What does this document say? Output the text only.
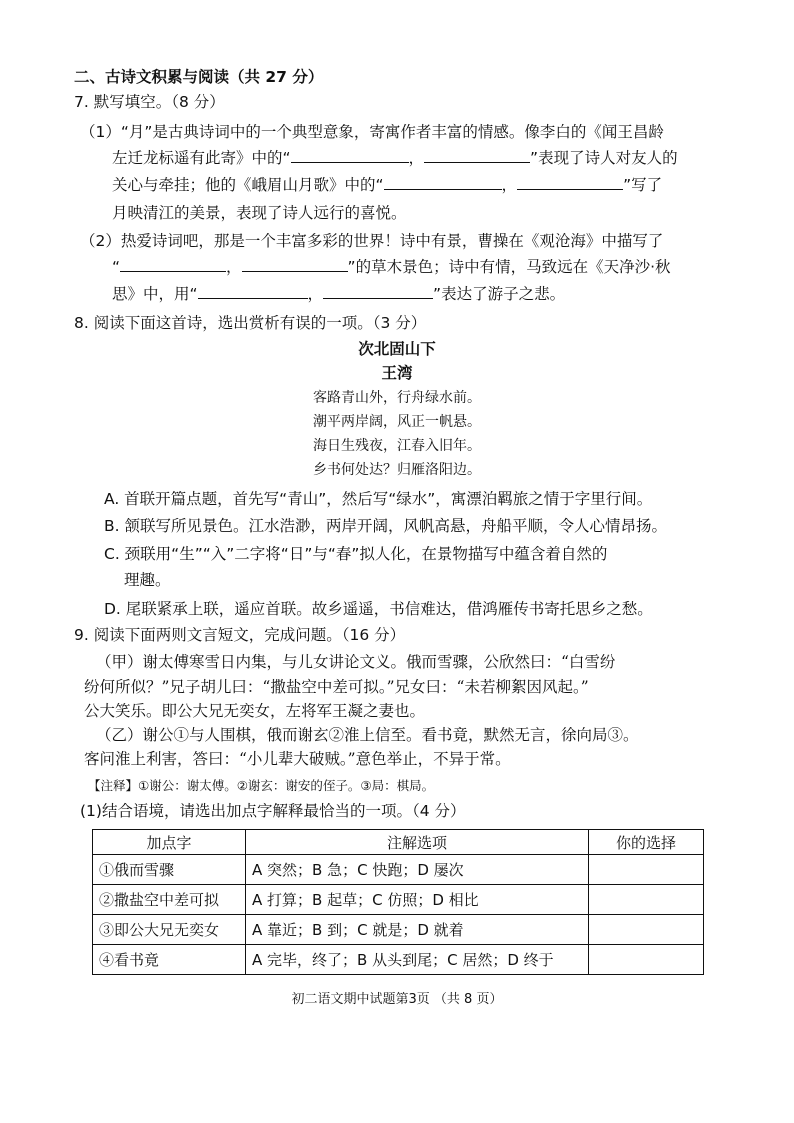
二、古诗文积累与阅读（共 27 分）
7. 默写填空。（8 分）
（1）“月”是古典诗词中的一个典型意象，寄寓作者丰富的情感。像李白的《闻王昌龄
左迁龙标遥有此寄》中的“	，	”表现了诗人对友人的
关心与牵挂；他的《峨眉山月歌》中的“	，	”写了
月映清江的美景，表现了诗人远行的喜悦。
（2）热爱诗词吧，那是一个丰富多彩的世界！诗中有景，曹操在《观沧海》中描写了
“	，	”的草木景色；诗中有情，马致远在《天净沙·秋
思》中，用“	，	”表达了游子之悲。
8. 阅读下面这首诗，选出赏析有误的一项。（3 分）
次北固山下
王湾
客路青山外，行舟绿水前。
潮平两岸阔，风正一帆悬。
海日生残夜，江春入旧年。
乡书何处达？归雁洛阳边。
A. 首联开篇点题，首先写“青山”，然后写“绿水”，寓漂泊羁旅之情于字里行间。
B. 颔联写所见景色。江水浩渺，两岸开阔，风帆高悬，舟船平顺，令人心情昂扬。
C. 颈联用“生”“入”二字将“日”与“春”拟人化，在景物描写中蕴含着自然的
理趣。
D. 尾联紧承上联，遥应首联。故乡遥遥，书信难达，借鸿雁传书寄托思乡之愁。
9. 阅读下面两则文言短文，完成问题。（16 分）
（甲）谢太傅寒雪日内集，与儿女讲论文义。俄而雪骤，公欣然曰：“白雪纷
纷何所似？”兄子胡儿曰：“撒盐空中差可拟。”兄女曰：“未若柳絮因风起。”
公大笑乐。即公大兄无奕女，左将军王凝之妻也。
（乙）谢公①与人围棋，俄而谢玄②淮上信至。看书竟，默然无言，徐向局③。
客问淮上利害，答曰：“小儿辈大破贼。”意色举止，不异于常。
【注释】①谢公：谢太傅。②谢玄：谢安的侄子。③局：棋局。
(1)结合语境，请选出加点字解释最恰当的一项。（4 分）
加点字	注解选项	你的选择
①俄而雪骤	A 突然；B 急；C 快跑；D 屡次	
②撒盐空中差可拟	A 打算；B 起草；C 仿照；D 相比	
③即公大兄无奕女	A 靠近；B 到；C 就是；D 就着	
④看书竟	A 完毕，终了；B 从头到尾；C 居然；D 终于	
初二语文期中试题第3页 （共 8 页）
